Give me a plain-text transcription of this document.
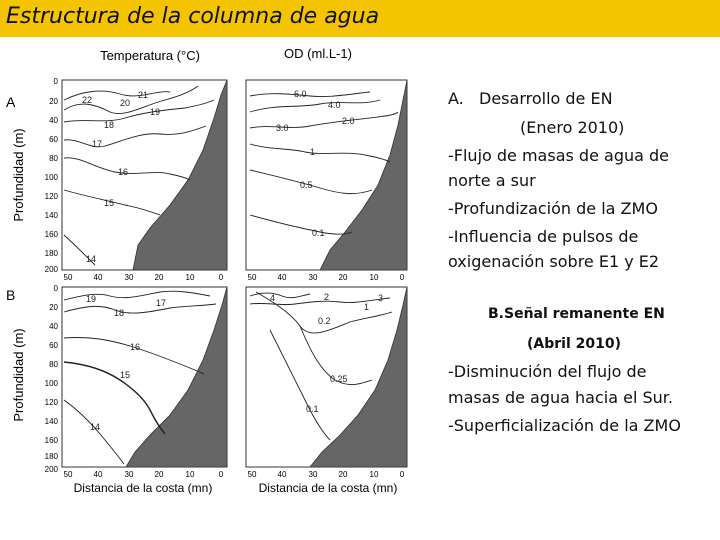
Estructura de la columna de agua
Temperatura (°C)	OD (ml.L-1)
A
B
Profundidad (m)
Profundidad (m)
0
20
40
60
80
100
120
140
160
180
200
0
20
40
60
80
100
120
140
160
180
200
22	21
20
19
18
17
16
15
14
6.0
4.0
3.0
2.0
1
0.5
0.1
50	40	30	20	10	0	50	40	30	20	10	0
19
18
17
16
15
14
4	2
1
3
0.2
0.25
0.1
50	40	30	20	10	0	50	40	30	20	10	0
Distancia de la costa (mn)	Distancia de la costa (mn)
A.   Desarrollo de EN
(Enero 2010)
-Flujo de masas de agua de
norte a sur
-Profundización de la ZMO
-Influencia de pulsos de
oxigenación sobre E1 y E2
B.Señal remanente EN
(Abril 2010)
-Disminución del flujo de
masas de agua hacia el Sur.
-Superficialización de la ZMO
